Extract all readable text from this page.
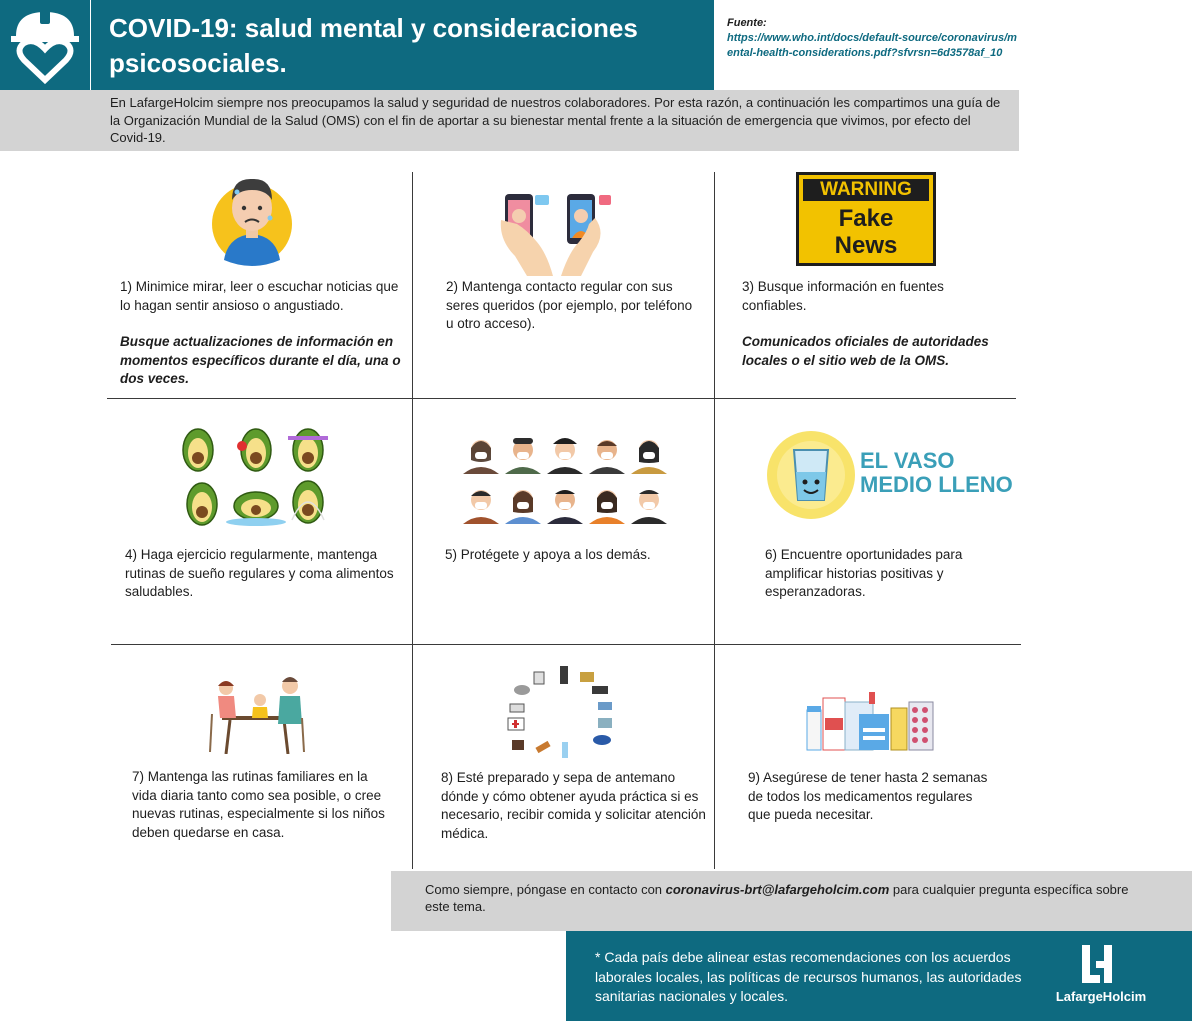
COVID-19: salud mental y consideraciones psicosociales.
Fuente:
https://www.who.int/docs/default-source/coronavirus/mental-health-considerations.pdf?sfvrsn=6d3578af_10

En LafargeHolcim siempre nos preocupamos la salud y seguridad de nuestros colaboradores. Por esta razón, a continuación les compartimos una guía de la Organización Mundial de la Salud (OMS) con el fin de aportar a su bienestar mental frente a la situación de emergencia que vivimos, por efecto del Covid-19.

WARNING
Fake
News
EL VASO
MEDIO LLENO
1) Minimice mirar, leer o escuchar noticias que lo hagan sentir ansioso o angustiado.
Busque actualizaciones de información en momentos específicos durante el día, una o dos veces.
2) Mantenga contacto regular con sus seres queridos (por ejemplo, por teléfono u otro acceso).
3) Busque información en fuentes confiables.
Comunicados oficiales de autoridades locales o el sitio web de la OMS.
4) Haga ejercicio regularmente, mantenga rutinas de sueño regulares y coma alimentos saludables.
5) Protégete y apoya a los demás.	6) Encuentre oportunidades para amplificar historias positivas y esperanzadoras.
7) Mantenga las rutinas familiares en la vida diaria tanto como sea posible, o cree nuevas rutinas, especialmente si los niños deben quedarse en casa.
8) Esté preparado y sepa de antemano dónde y cómo obtener ayuda práctica si es necesario, recibir comida y solicitar atención médica.
9) Asegúrese de tener hasta 2 semanas de todos los medicamentos regulares que pueda necesitar.

Como siempre, póngase en contacto con coronavirus-brt@lafargeholcim.com para cualquier pregunta específica sobre este tema.

* Cada país debe alinear estas recomendaciones con los acuerdos laborales locales, las políticas de recursos humanos, las autoridades sanitarias nacionales y locales.	LafargeHolcim
